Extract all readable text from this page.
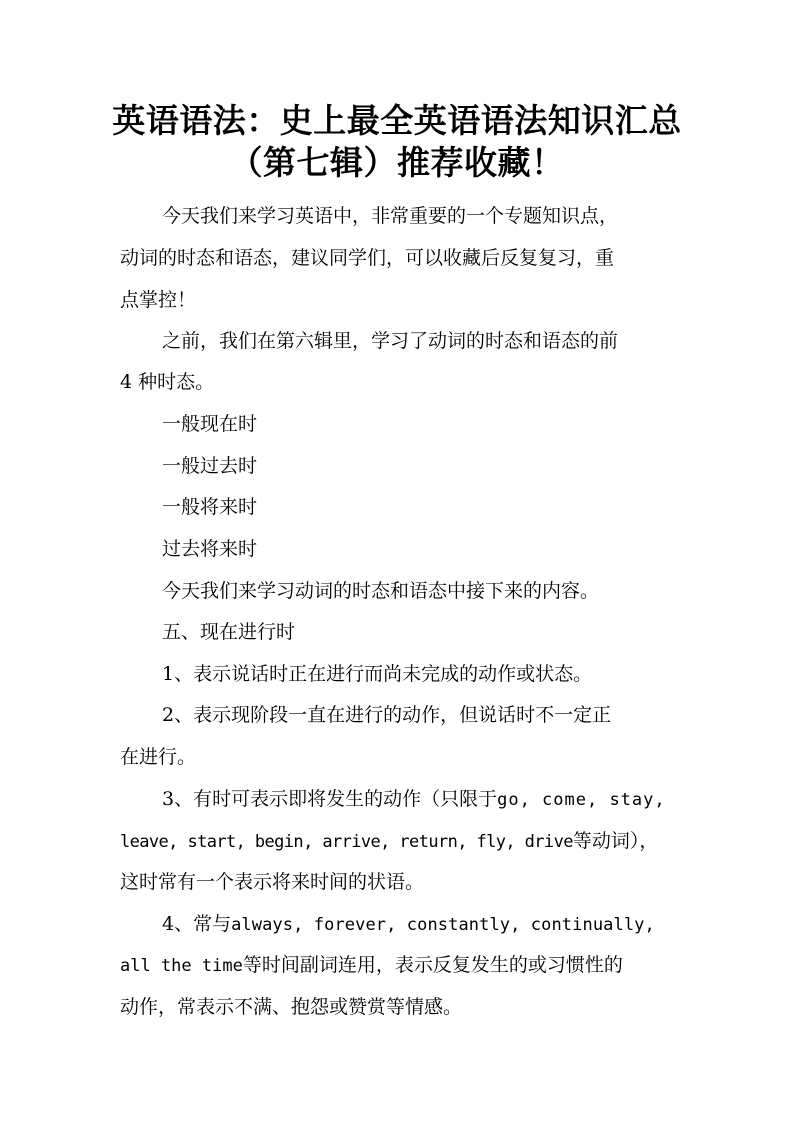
英语语法：史上最全英语语法知识汇总
（第七辑）推荐收藏！
今天我们来学习英语中，非常重要的一个专题知识点，
动词的时态和语态，建议同学们，可以收藏后反复复习，重
点掌控！
之前，我们在第六辑里，学习了动词的时态和语态的前
4 种时态。
一般现在时
一般过去时
一般将来时
过去将来时
今天我们来学习动词的时态和语态中接下来的内容。
五、现在进行时
1、表示说话时正在进行而尚未完成的动作或状态。
2、表示现阶段一直在进行的动作，但说话时不一定正
在进行。
3、有时可表示即将发生的动作（只限于go, come, stay,
leave, start, begin, arrive, return, fly, drive等动词），
这时常有一个表示将来时间的状语。
4、常与always, forever, constantly, continually,
all the time等时间副词连用，表示反复发生的或习惯性的
动作，常表示不满、抱怨或赞赏等情感。
